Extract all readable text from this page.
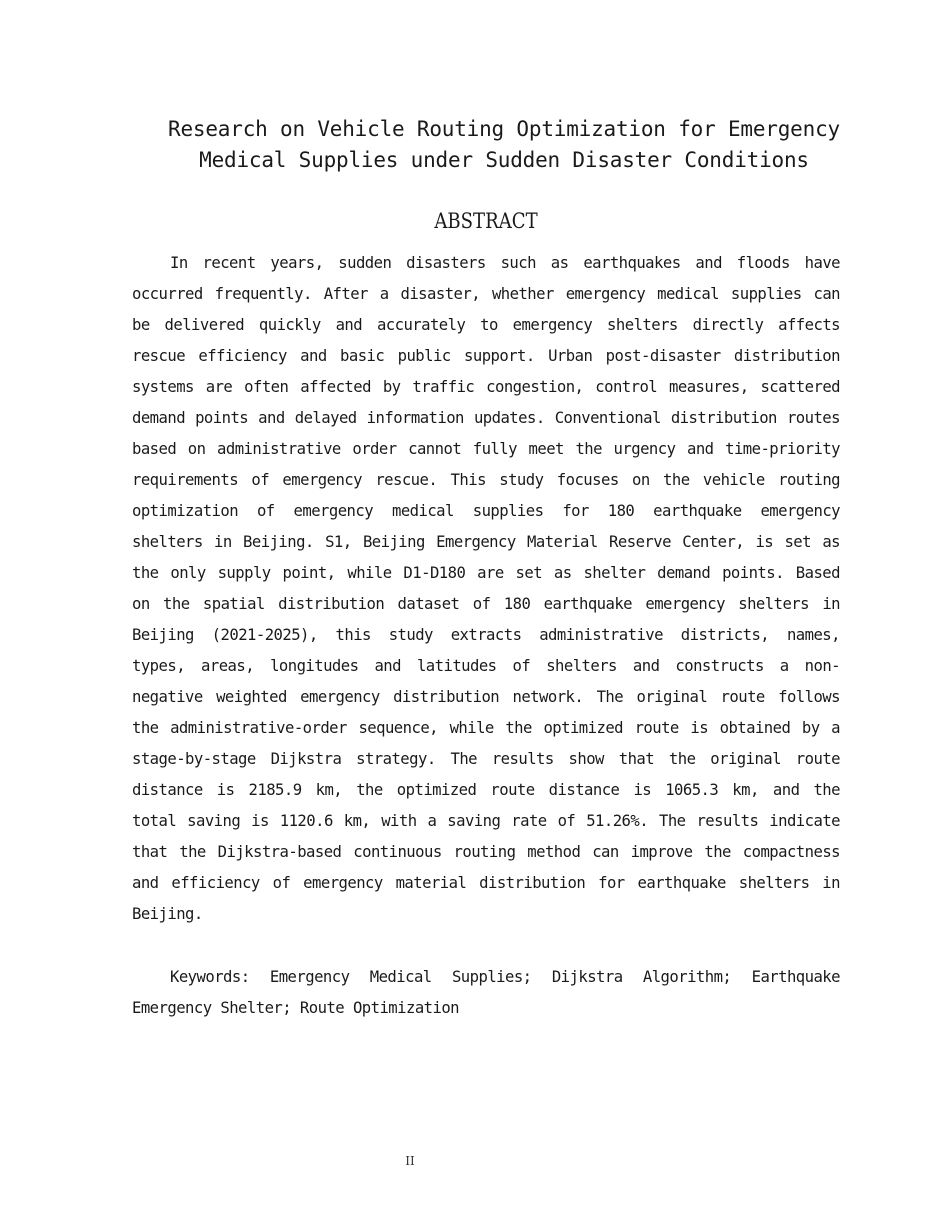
Research on Vehicle Routing Optimization for Emergency
Medical Supplies under Sudden Disaster Conditions
ABSTRACT

In recent years, sudden disasters such as earthquakes and floods have occurred frequently. After a disaster, whether emergency medical supplies can be delivered quickly and accurately to emergency shelters directly affects rescue efficiency and basic public support. Urban post-disaster distribution systems are often affected by traffic congestion, control measures, scattered demand points and delayed information updates. Conventional distribution routes based on administrative order cannot fully meet the urgency and time-priority requirements of emergency rescue. This study focuses on the vehicle routing optimization of emergency medical supplies for 180 earthquake emergency shelters in Beijing. S1, Beijing Emergency Material Reserve Center, is set as the only supply point, while D1-D180 are set as shelter demand points. Based on the spatial distribution dataset of 180 earthquake emergency shelters in Beijing (2021-2025), this study extracts administrative districts, names, types, areas, longitudes and latitudes of shelters and constructs a non-negative weighted emergency distribution network. The original route follows the administrative-order sequence, while the optimized route is obtained by a stage-by-stage Dijkstra strategy. The results show that the original route distance is 2185.9 km, the optimized route distance is 1065.3 km, and the total saving is 1120.6 km, with a saving rate of 51.26%. The results indicate that the Dijkstra-based continuous routing method can improve the compactness and efficiency of emergency material distribution for earthquake shelters in Beijing.

Keywords: Emergency Medical Supplies; Dijkstra Algorithm; Earthquake Emergency Shelter; Route Optimization

II
